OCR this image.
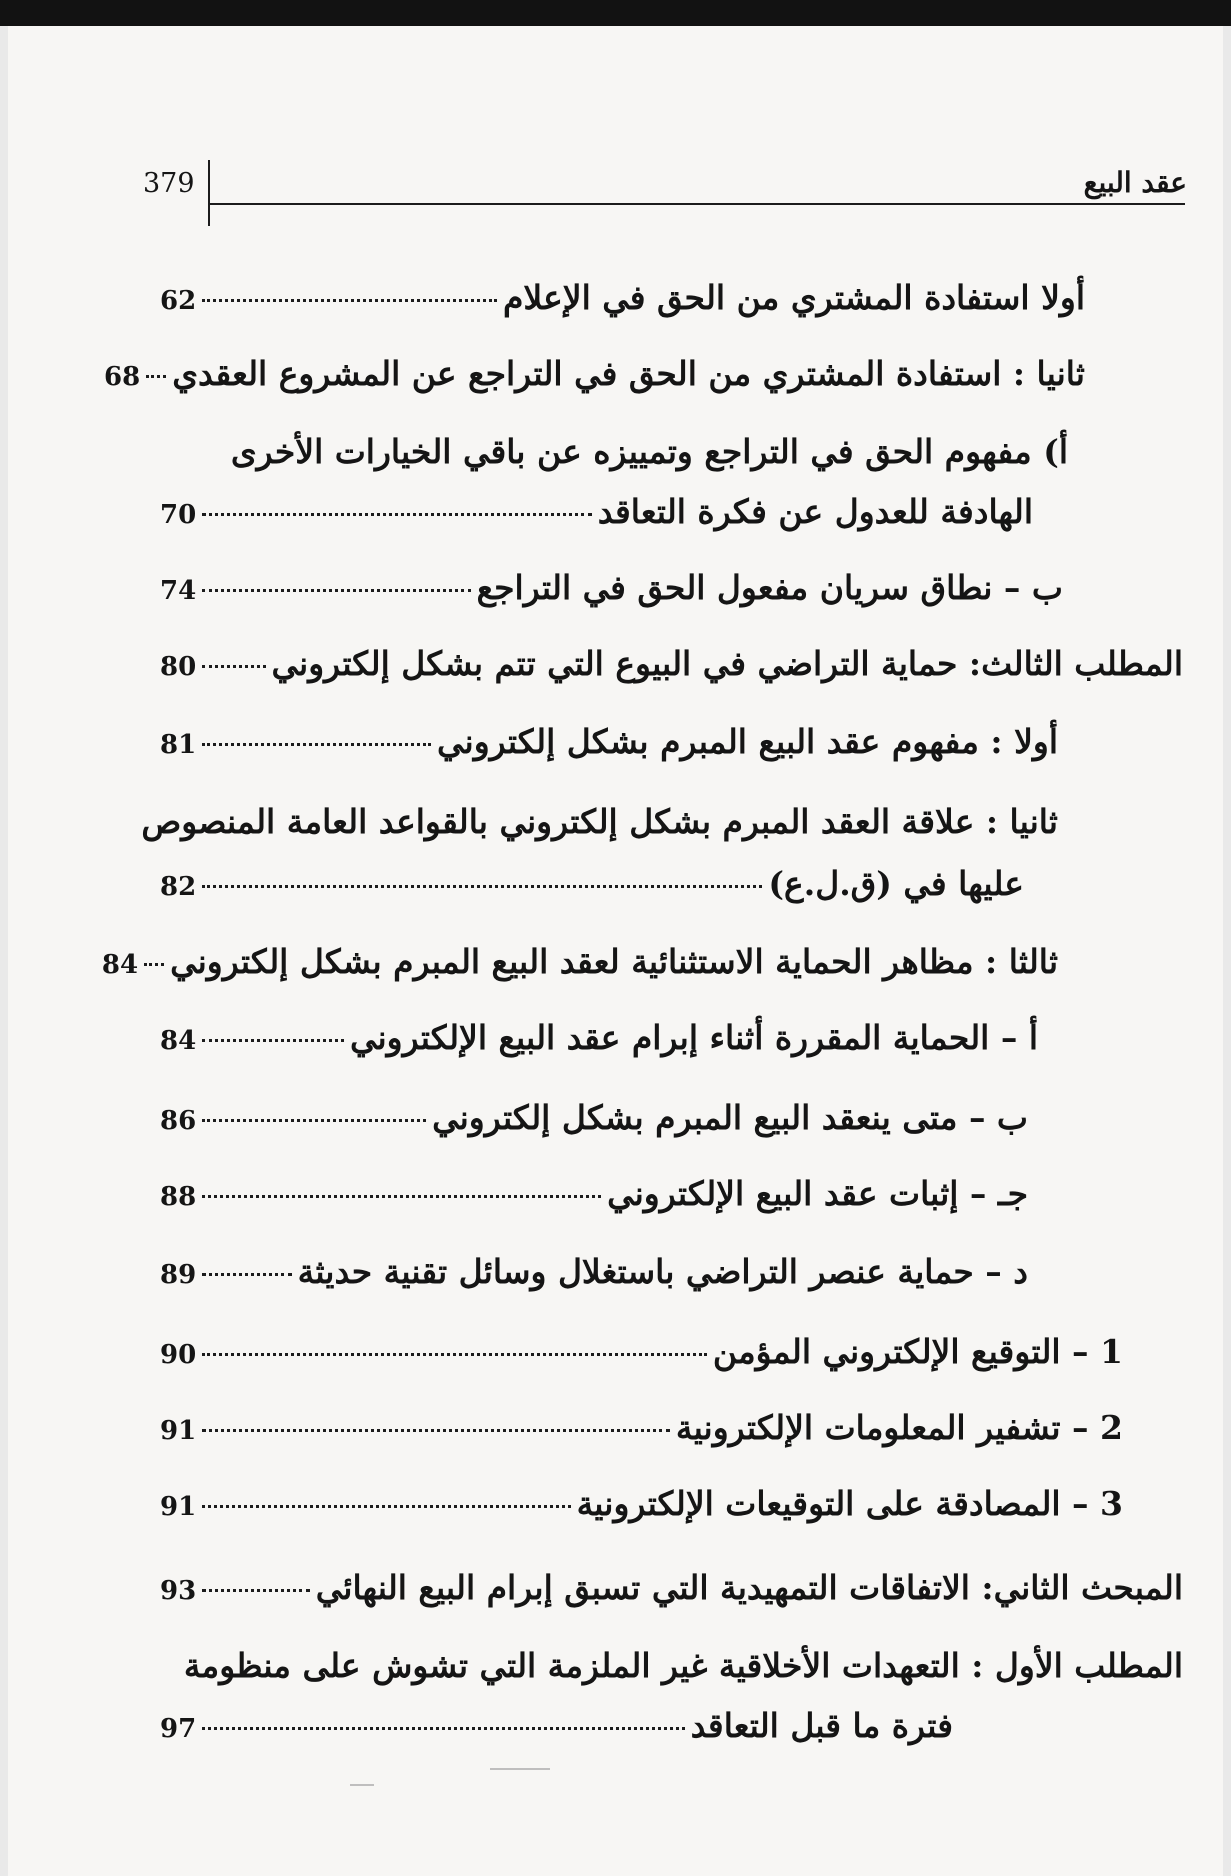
379	عقد البيع
أولا استفادة المشتري من الحق في الإعلام
62
ثانيا : استفادة المشتري من الحق في التراجع عن المشروع العقدي
68
أ) مفهوم الحق في التراجع وتمييزه عن باقي الخيارات الأخرى
الهادفة للعدول عن فكرة التعاقد
70
ب – نطاق سريان مفعول الحق في التراجع
74
المطلب الثالث: حماية التراضي في البيوع التي تتم بشكل إلكتروني
80
أولا : مفهوم عقد البيع المبرم بشكل إلكتروني
81
ثانيا : علاقة العقد المبرم بشكل إلكتروني بالقواعد العامة المنصوص
عليها في (ق.ل.ع)
82
ثالثا : مظاهر الحماية الاستثنائية لعقد البيع المبرم بشكل إلكتروني
84
أ – الحماية المقررة أثناء إبرام عقد البيع الإلكتروني
84
ب – متى ينعقد البيع المبرم بشكل إلكتروني
86
جـ – إثبات عقد البيع الإلكتروني
88
د – حماية عنصر التراضي باستغلال وسائل تقنية حديثة
89
1 – التوقيع الإلكتروني المؤمن
90
2 – تشفير المعلومات الإلكترونية
91
3 – المصادقة على التوقيعات الإلكترونية
91
المبحث الثاني: الاتفاقات التمهيدية التي تسبق إبرام البيع النهائي
93
المطلب الأول : التعهدات الأخلاقية غير الملزمة التي تشوش على منظومة
فترة ما قبل التعاقد
97
